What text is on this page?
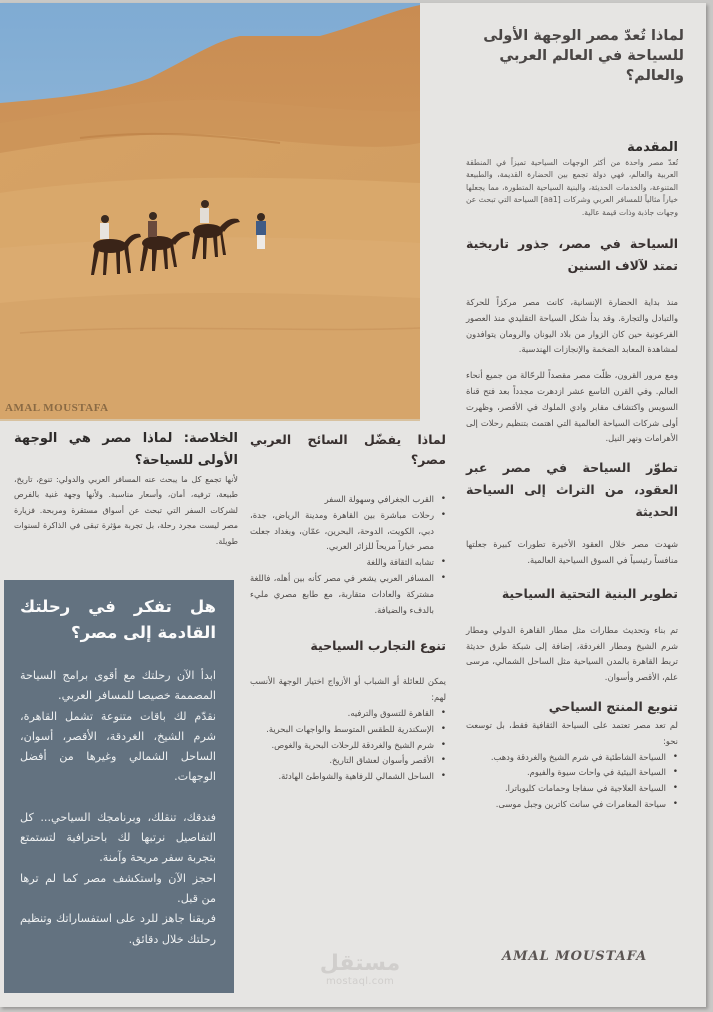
AMAL MOUSTAFA
لماذا تُعدّ مصر الوجهة الأولى للسياحة في العالم العربي والعالم؟
المقدمة

تُعدّ مصر واحدة من أكثر الوجهات السياحية تميزاً في المنطقة العربية والعالم، فهي دولة تجمع بين الحضارة القديمة، والطبيعة المتنوعة، والخدمات الحديثة، والبنية السياحية المتطورة، مما يجعلها خياراً مثالياً للمسافر العربي وشركات [aa1] السياحة التي تبحث عن وجهات جاذبة وذات قيمة عالية.

السياحة في مصر، جذور تاريخية تمتد لآلاف السنين

منذ بداية الحضارة الإنسانية، كانت مصر مركزاً للحركة والتبادل والتجارة. وقد بدأ شكل السياحة التقليدي منذ العصور الفرعونية حين كان الزوار من بلاد اليونان والرومان يتوافدون لمشاهدة المعابد الضخمة والإنجازات الهندسية.

ومع مرور القرون، ظلّت مصر مقصداً للرحّالة من جميع أنحاء العالم. وفي القرن التاسع عشر ازدهرت مجدداً بعد فتح قناة السويس واكتشاف مقابر وادي الملوك في الأقصر، وظهرت أولى شركات السياحة العالمية التي اهتمت بتنظيم رحلات إلى الأهرامات ونهر النيل.

تطوّر السياحة في مصر عبر العقود، من التراث إلى السياحة الحديثة

شهدت مصر خلال العقود الأخيرة تطورات كبيرة جعلتها منافساً رئيسياً في السوق السياحية العالمية.

تطوير البنية التحتية السياحية

تم بناء وتحديث مطارات مثل مطار القاهرة الدولي ومطار شرم الشيخ ومطار الغردقة، إضافة إلى شبكة طرق حديثة تربط القاهرة بالمدن السياحية مثل الساحل الشمالي، مرسى علم، الأقصر وأسوان.

تنويع المنتج السياحي

لم تعد مصر تعتمد على السياحة الثقافية فقط، بل توسعت نحو:

• السياحة الشاطئية في شرم الشيخ والغردقة ودهب.
• السياحة البيئية في واحات سيوة والفيوم.
• السياحة العلاجية في سفاجا وحمامات كليوباترا.
• سياحة المغامرات في سانت كاترين وجبل موسى.
AMAL MOUSTAFA
لماذا يفضّل السائح العربي مصر؟
• القرب الجغرافي وسهولة السفر
• رحلات مباشرة بين القاهرة ومدينة الرياض، جدة، دبي، الكويت، الدوحة، البحرين، عمّان، وبغداد جعلت مصر خياراً مريحاً للزائر العربي.
• تشابه الثقافة واللغة
• المسافر العربي يشعر في مصر كأنه بين أهله، فاللغة مشتركة والعادات متقاربة، مع طابع مصري مليء بالدفء والضيافة.
تنوع التجارب السياحية

يمكن للعائلة أو الشباب أو الأزواج اختيار الوجهة الأنسب لهم:

• القاهرة للتسوق والترفيه.
• الإسكندرية للطقس المتوسط والواجهات البحرية.
• شرم الشيخ والغردقة للرحلات البحرية والغوص.
• الأقصر وأسوان لعشاق التاريخ.
• الساحل الشمالي للرفاهية والشواطئ الهادئة.
الخلاصة: لماذا مصر هي الوجهة الأولى للسياحة؟

لأنها تجمع كل ما يبحث عنه المسافر العربي والدولي: تنوع، تاريخ، طبيعة، ترفيه، أمان، وأسعار مناسبة. ولأنها وجهة غنية بالفرص لشركات السفر التي تبحث عن أسواق مستقرة ومربحة. فزيارة مصر ليست مجرد رحلة، بل تجربة مؤثرة تبقى في الذاكرة لسنوات طويلة.

هل تفكر في رحلتك القادمة إلى مصر؟

ابدأ الآن رحلتك مع أقوى برامج السياحة المصممة خصيصا للمسافر العربي.

نقدّم لك باقات متنوعة تشمل القاهرة، شرم الشيخ، الغردقة، الأقصر، أسوان، الساحل الشمالي وغيرها من أفضل الوجهات.

فندقك، تنقلك، وبرنامجك السياحي... كل التفاصيل نرتبها لك باحترافية لتستمتع بتجربة سفر مريحة وآمنة.

احجز الآن واستكشف مصر كما لم ترها من قبل.

فريقنا جاهز للرد على استفساراتك وتنظيم رحلتك خلال دقائق.

مستقل
mostaql.com
